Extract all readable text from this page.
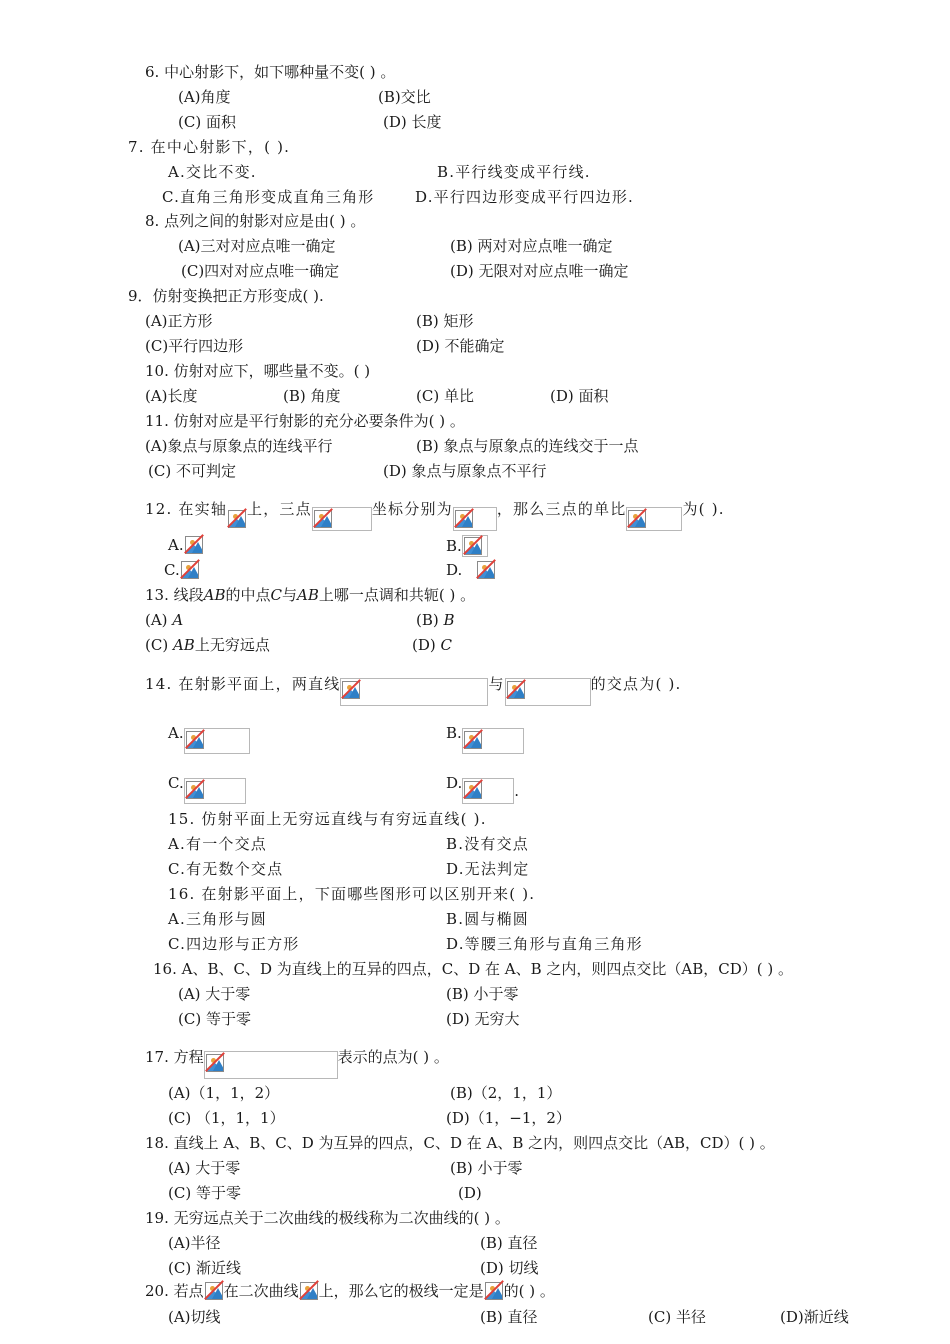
6. 中心射影下，如下哪种量不变( ) 。
(A)角度	(B)交比
(C) 面积	(D) 长度
7. 在中心射影下，( ).
A.交比不变.	B.平行线变成平行线.
C.直角三角形变成直角三角形	D.平行四边形变成平行四边形.
8. 点列之间的射影对应是由( ) 。
(A)三对对应点唯一确定	(B) 两对对应点唯一确定
(C)四对对应点唯一确定	(D) 无限对对应点唯一确定
9．仿射变换把正方形变成( ).
(A)正方形	(B) 矩形
(C)平行四边形	(D) 不能确定
10. 仿射对应下，哪些量不变。( )
(A)长度	(B) 角度	(C) 单比	(D) 面积
11. 仿射对应是平行射影的充分必要条件为( ) 。
(A)象点与原象点的连线平行	(B) 象点与原象点的连线交于一点
(C) 不可判定	(D) 象点与原象点不平行
12. 在实轴 上，三点	坐标分别为	，那么三点的单比	为( ).
A.	B.
C.	D.
13. 线段AB的中点C与AB上哪一点调和共轭( ) 。
(A) A	(B) B
(C) AB上无穷远点	(D) C
14. 在射影平面上，两直线	与	的交点为( ).
A.	B.
C.	D.	.
15. 仿射平面上无穷远直线与有穷远直线( ).
A.有一个交点	B.没有交点
C.有无数个交点	D.无法判定
16. 在射影平面上，下面哪些图形可以区别开来( ).
A.三角形与圆	B.圆与椭圆
C.四边形与正方形	D.等腰三角形与直角三角形
16. A、B、C、D 为直线上的互异的四点，C、D 在 A、B 之内，则四点交比（AB，CD）( ) 。
(A) 大于零	(B) 小于零
(C) 等于零	(D) 无穷大
17. 方程	表示的点为( ) 。
(A)（1，1，2）	(B)（2，1，1）
(C) （1，1，1）	(D)（1，−1，2）
18. 直线上 A、B、C、D 为互异的四点，C、D 在 A、B 之内，则四点交比（AB，CD）( ) 。
(A) 大于零	(B) 小于零
(C) 等于零	(D)
19. 无穷远点关于二次曲线的极线称为二次曲线的( ) 。
(A)半径	(B) 直径
(C) 渐近线	(D) 切线
20. 若点 在二次曲线 上，那么它的极线一定是 的( ) 。
(A)切线	(B) 直径	(C) 半径	(D)渐近线
